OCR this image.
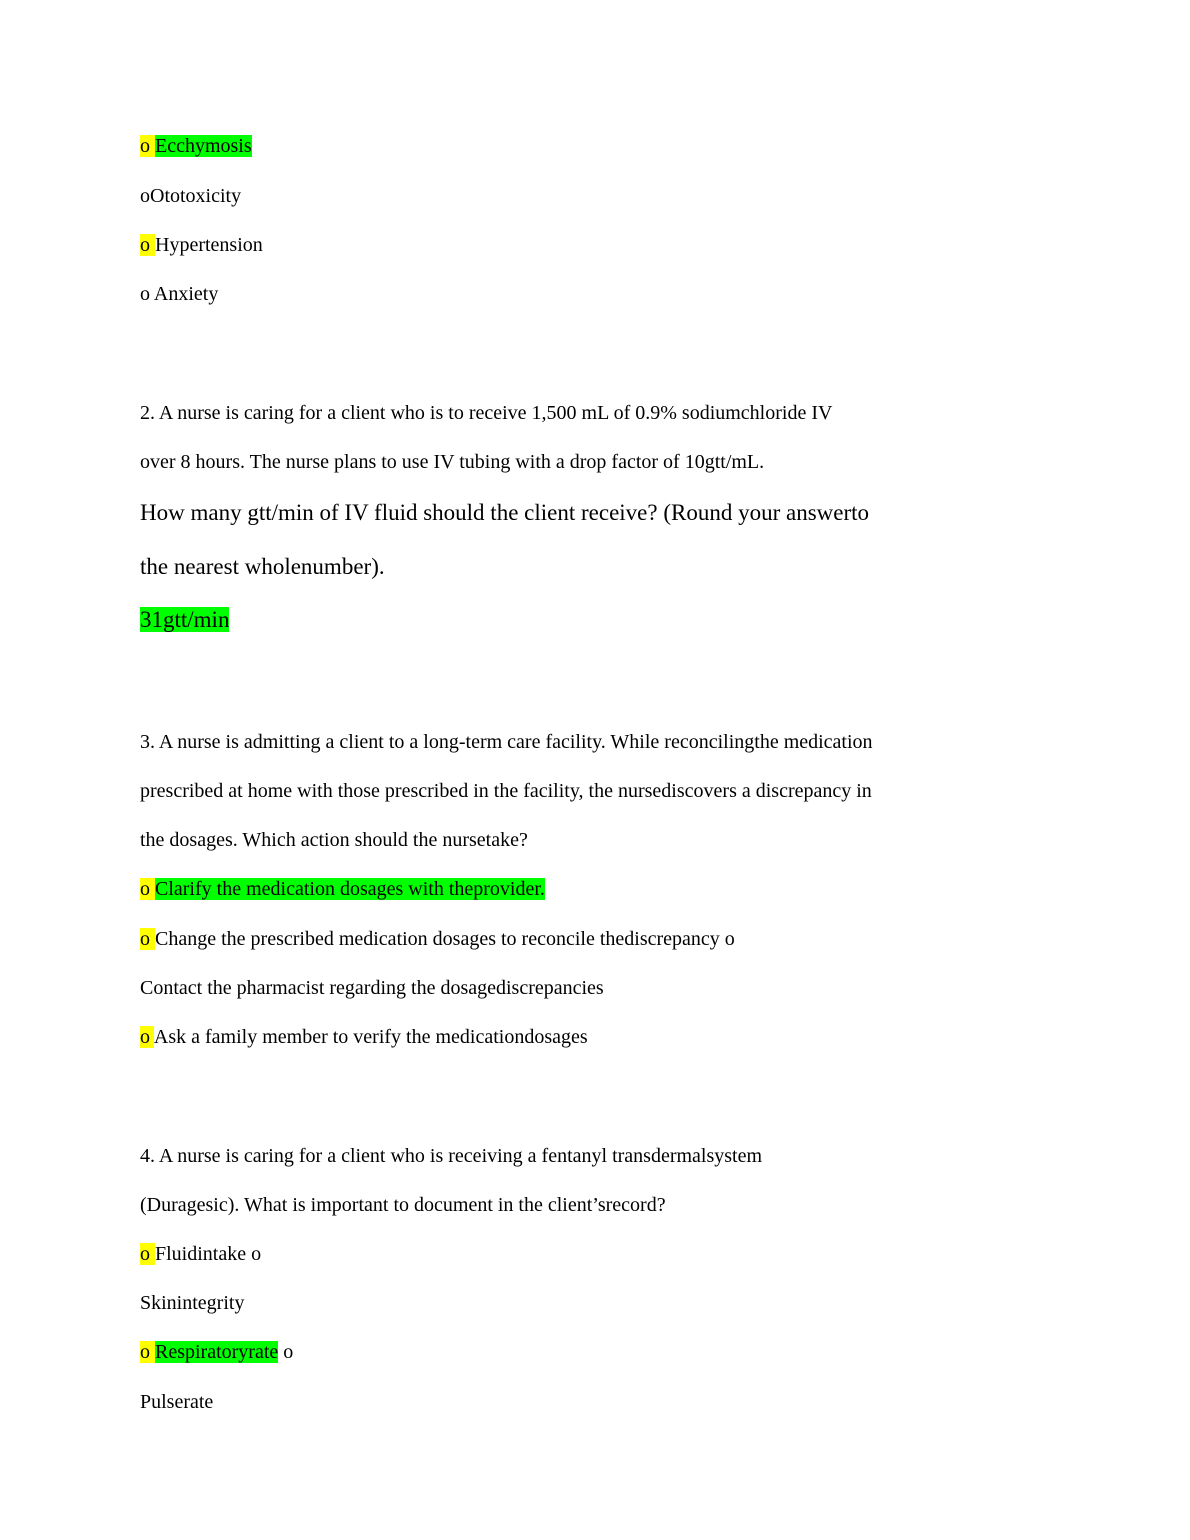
o Ecchymosis
oOtotoxicity
o Hypertension
o Anxiety
2. A nurse is caring for a client who is to receive 1,500 mL of 0.9% sodiumchloride IV
over 8 hours. The nurse plans to use IV tubing with a drop factor of 10gtt/mL.
How many gtt/min of IV fluid should the client receive? (Round your answerto
the nearest wholenumber).
31gtt/min
3. A nurse is admitting a client to a long-term care facility. While reconcilingthe medication
prescribed at home with those prescribed in the facility, the nursediscovers a discrepancy in
the dosages. Which action should the nursetake?
o Clarify the medication dosages with theprovider.
o Change the prescribed medication dosages to reconcile thediscrepancy o
Contact the pharmacist regarding the dosagediscrepancies
o Ask a family member to verify the medicationdosages
4. A nurse is caring for a client who is receiving a fentanyl transdermalsystem
(Duragesic). What is important to document in the client’srecord?
o Fluidintake o
Skinintegrity
o Respiratoryrate o
Pulserate
